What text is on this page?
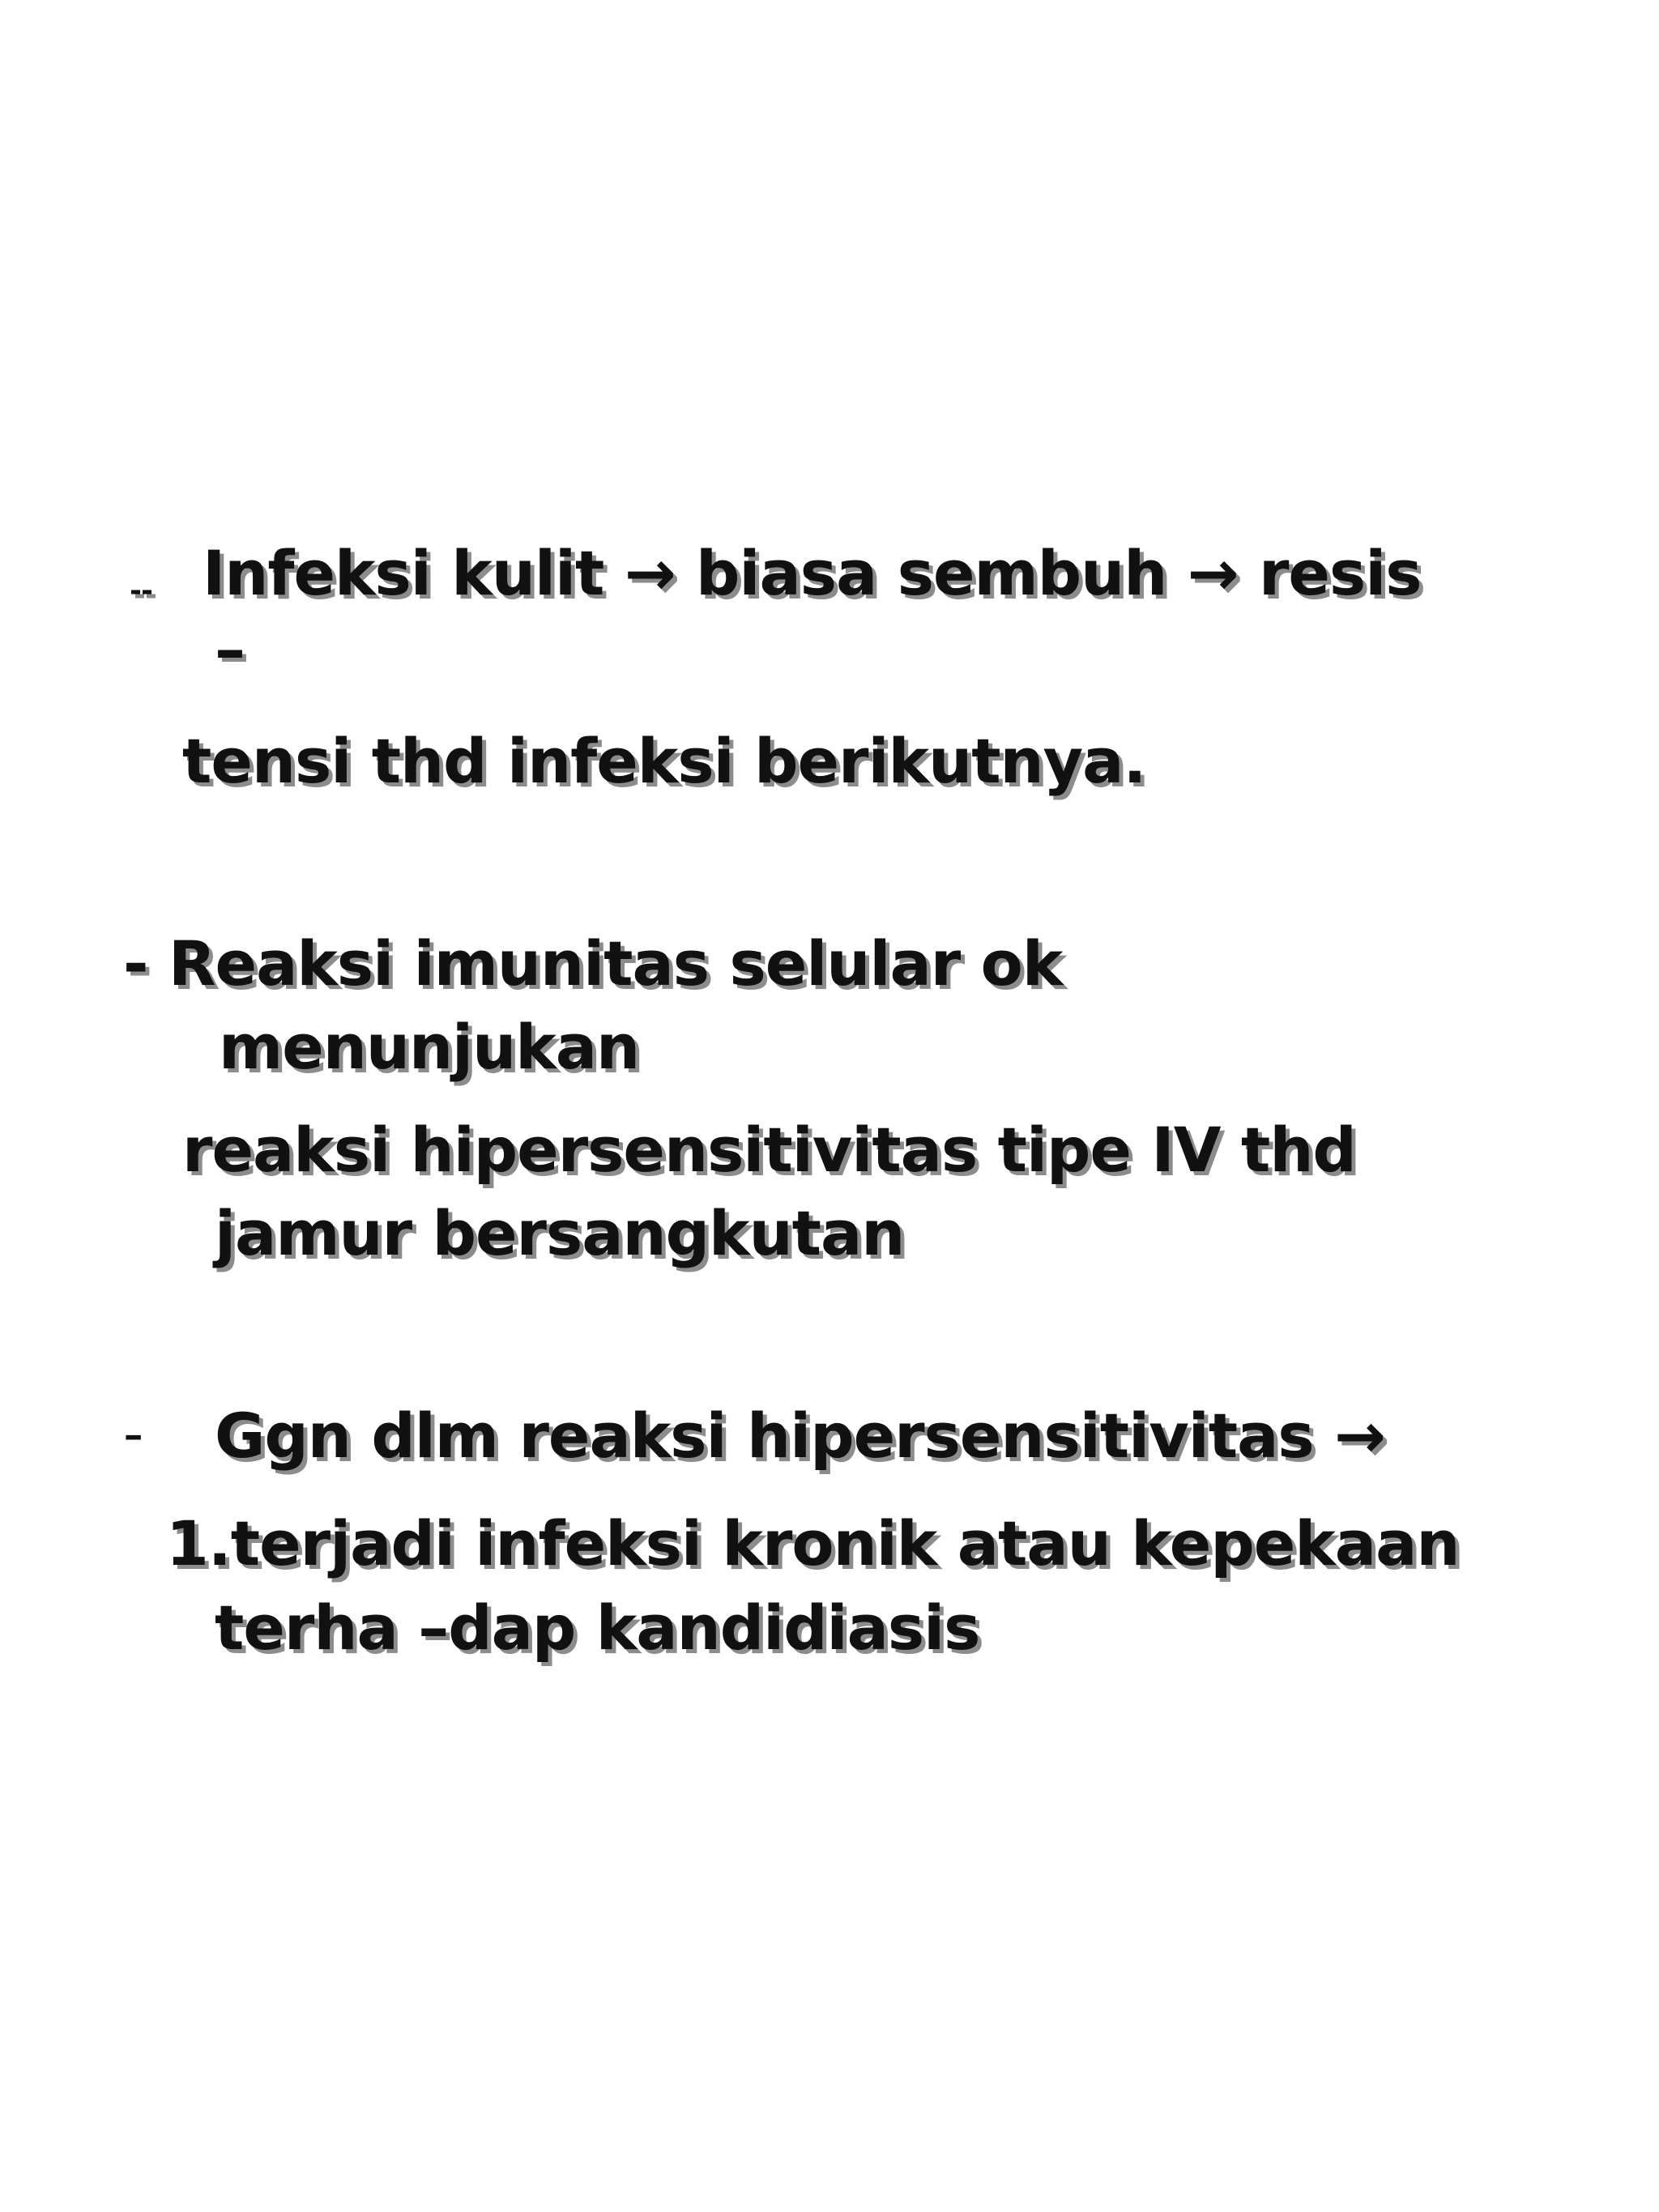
-- Infeksi kulit → biasa sembuh → resis
–
tensi thd infeksi berikutnya.
- Reaksi imunitas selular ok
menunjukan
reaksi hipersensitivitas tipe IV thd
jamur bersangkutan
- Ggn dlm reaksi hipersensitivitas →
1.terjadi infeksi kronik atau kepekaan
terha –dap kandidiasis
